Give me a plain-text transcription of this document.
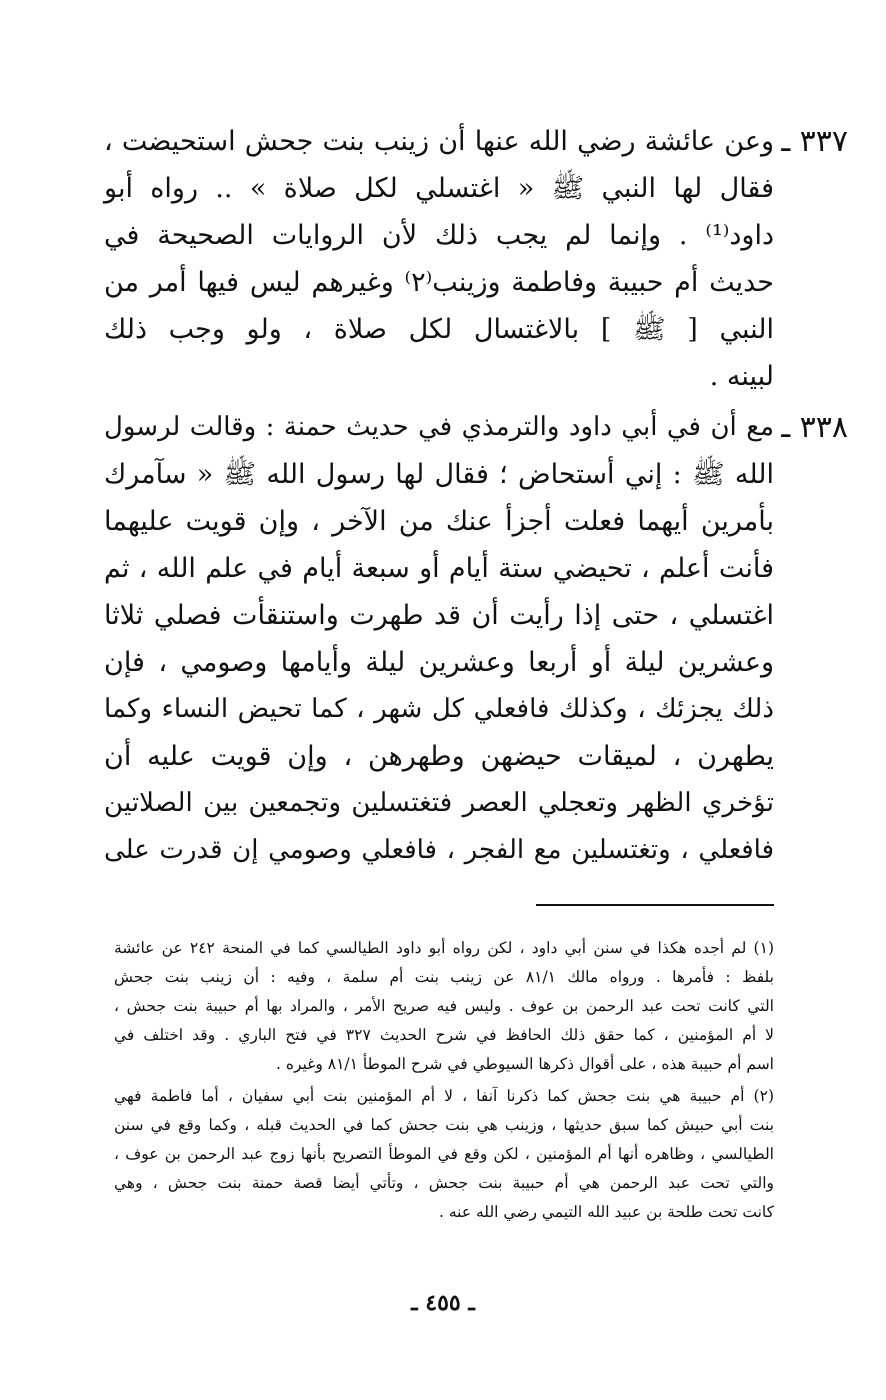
٣٣٧ ـ
وعن عائشة رضي الله عنها أن زينب بنت جحش استحيضت ،
فقال لها النبي ﷺ « اغتسلي لكل صلاة » .. رواه أبو
داود⁽¹⁾ . وإنما لم يجب ذلك لأن الروايات الصحيحة في
حديث أم حبيبة وفاطمة وزينب⁽٢⁾ وغيرهم ليس فيها أمر من
النبي [ ﷺ ] بالاغتسال لكل صلاة ، ولو وجب ذلك
لبينه .
٣٣٨ ـ
مع أن في أبي داود والترمذي في حديث حمنة : وقالت لرسول
الله ﷺ : إني أستحاض ؛ فقال لها رسول الله ﷺ « سآمرك
بأمرين أيهما فعلت أجزأ عنك من الآخر ، وإن قويت عليهما
فأنت أعلم ، تحيضي ستة أيام أو سبعة أيام في علم الله ، ثم
اغتسلي ، حتى إذا رأيت أن قد طهرت واستنقأت فصلي ثلاثا
وعشرين ليلة أو أربعا وعشرين ليلة وأيامها وصومي ، فإن
ذلك يجزئك ، وكذلك فافعلي كل شهر ، كما تحيض النساء وكما
يطهرن ، لميقات حيضهن وطهرهن ، وإن قويت عليه أن
تؤخري الظهر وتعجلي العصر فتغتسلين وتجمعين بين الصلاتين
فافعلي ، وتغتسلين مع الفجر ، فافعلي وصومي إن قدرت على
(١) لم أجده هكذا في سنن أبي داود ، لكن رواه أبو داود الطيالسي كما في المنحة ٢٤٢ عن عائشة
بلفظ : فأمرها . ورواه مالك ٨١/١ عن زينب بنت أم سلمة ، وفيه : أن زينب بنت جحش
التي كانت تحت عبد الرحمن بن عوف . وليس فيه صريح الأمر ، والمراد بها أم حبيبة بنت جحش ،
لا أم المؤمنين ، كما حقق ذلك الحافظ في شرح الحديث ٣٢٧ في فتح الباري . وقد اختلف في
اسم أم حبيبة هذه ، على أقوال ذكرها السيوطي في شرح الموطأ ٨١/١ وغيره .
(٢) أم حبيبة هي بنت جحش كما ذكرنا آنفا ، لا أم المؤمنين بنت أبي سفيان ، أما فاطمة فهي
بنت أبي حبيش كما سبق حديثها ، وزينب هي بنت جحش كما في الحديث قبله ، وكما وقع في سنن
الطيالسي ، وظاهره أنها أم المؤمنين ، لكن وقع في الموطأ التصريح بأنها زوج عبد الرحمن بن عوف ،
والتي تحت عبد الرحمن هي أم حبيبة بنت جحش ، وتأتي أيضا قصة حمنة بنت جحش ، وهي
كانت تحت طلحة بن عبيد الله التيمي رضي الله عنه .
ـ ٤٥٥ ـ
